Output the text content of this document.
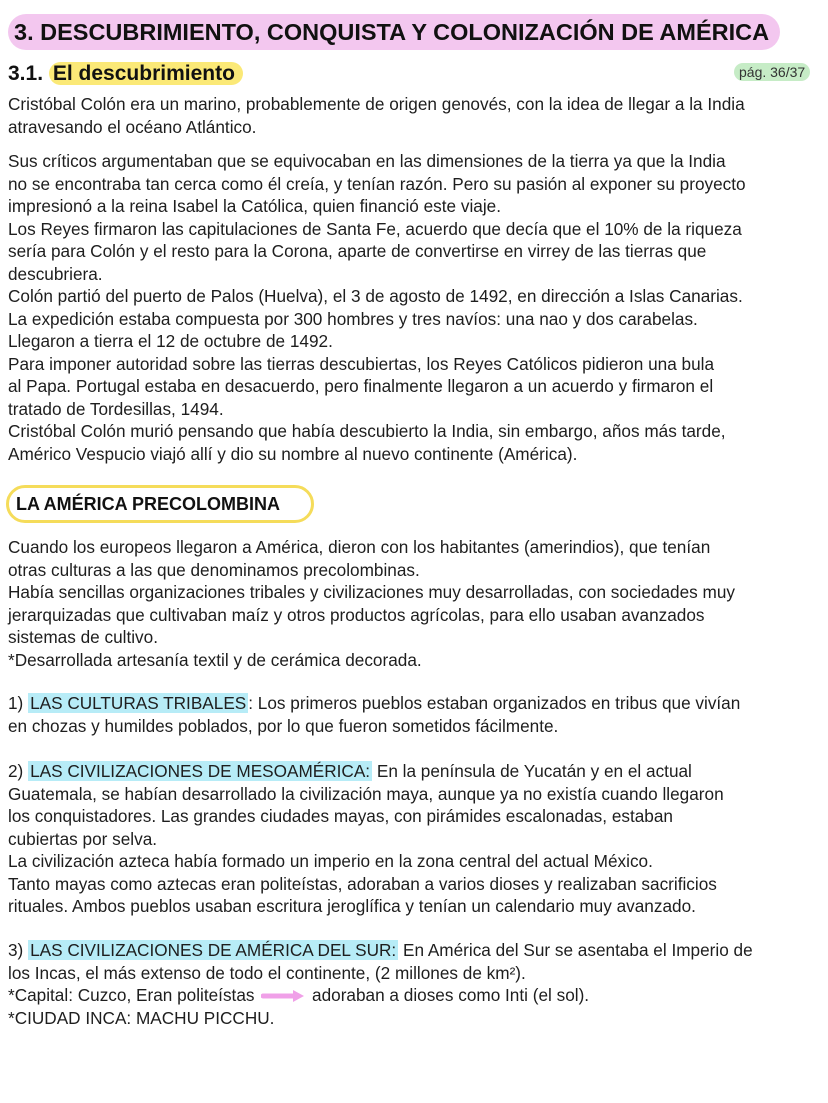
3. DESCUBRIMIENTO, CONQUISTA Y COLONIZACIÓN DE AMÉRICA
3.1. El descubrimiento	pág. 36/37
Cristóbal Colón era un marino, probablemente de origen genovés, con la idea de llegar a la India
atravesando el océano Atlántico.
Sus críticos argumentaban que se equivocaban en las dimensiones de la tierra ya que la India
no se encontraba tan cerca como él creía, y tenían razón. Pero su pasión al exponer su proyecto
impresionó a la reina Isabel la Católica, quien financió este viaje.
Los Reyes firmaron las capitulaciones de Santa Fe, acuerdo que decía que el 10% de la riqueza
sería para Colón y el resto para la Corona, aparte de convertirse en virrey de las tierras que
descubriera.
Colón partió del puerto de Palos (Huelva), el 3 de agosto de 1492, en dirección a Islas Canarias.
La expedición estaba compuesta por 300 hombres y tres navíos: una nao y dos carabelas.
Llegaron a tierra el 12 de octubre de 1492.
Para imponer autoridad sobre las tierras descubiertas, los Reyes Católicos pidieron una bula
al Papa. Portugal estaba en desacuerdo, pero finalmente llegaron a un acuerdo y firmaron el
tratado de Tordesillas, 1494.
Cristóbal Colón murió pensando que había descubierto la India, sin embargo, años más tarde,
Américo Vespucio viajó allí y dio su nombre al nuevo continente (América).
LA AMÉRICA PRECOLOMBINA
Cuando los europeos llegaron a América, dieron con los habitantes (amerindios), que tenían
otras culturas a las que denominamos precolombinas.
Había sencillas organizaciones tribales y civilizaciones muy desarrolladas, con sociedades muy
jerarquizadas que cultivaban maíz y otros productos agrícolas, para ello usaban avanzados
sistemas de cultivo.
*Desarrollada artesanía textil y de cerámica decorada.
1) LAS CULTURAS TRIBALES : Los primeros pueblos estaban organizados en tribus que vivían
en chozas y humildes poblados, por lo que fueron sometidos fácilmente.
2) LAS CIVILIZACIONES DE MESOAMÉRICA: En la península de Yucatán y en el actual
Guatemala, se habían desarrollado la civilización maya, aunque ya no existía cuando llegaron
los conquistadores. Las grandes ciudades mayas, con pirámides escalonadas, estaban
cubiertas por selva.
La civilización azteca había formado un imperio en la zona central del actual México.
Tanto mayas como aztecas eran politeístas, adoraban a varios dioses y realizaban sacrificios
rituales. Ambos pueblos usaban escritura jeroglífica y tenían un calendario muy avanzado.
3) LAS CIVILIZACIONES DE AMÉRICA DEL SUR: En América del Sur se asentaba el Imperio de
los Incas, el más extenso de todo el continente, (2 millones de km²).
*Capital: Cuzco, Eran politeístas	adoraban a dioses como Inti (el sol).
*CIUDAD INCA: MACHU PICCHU.
